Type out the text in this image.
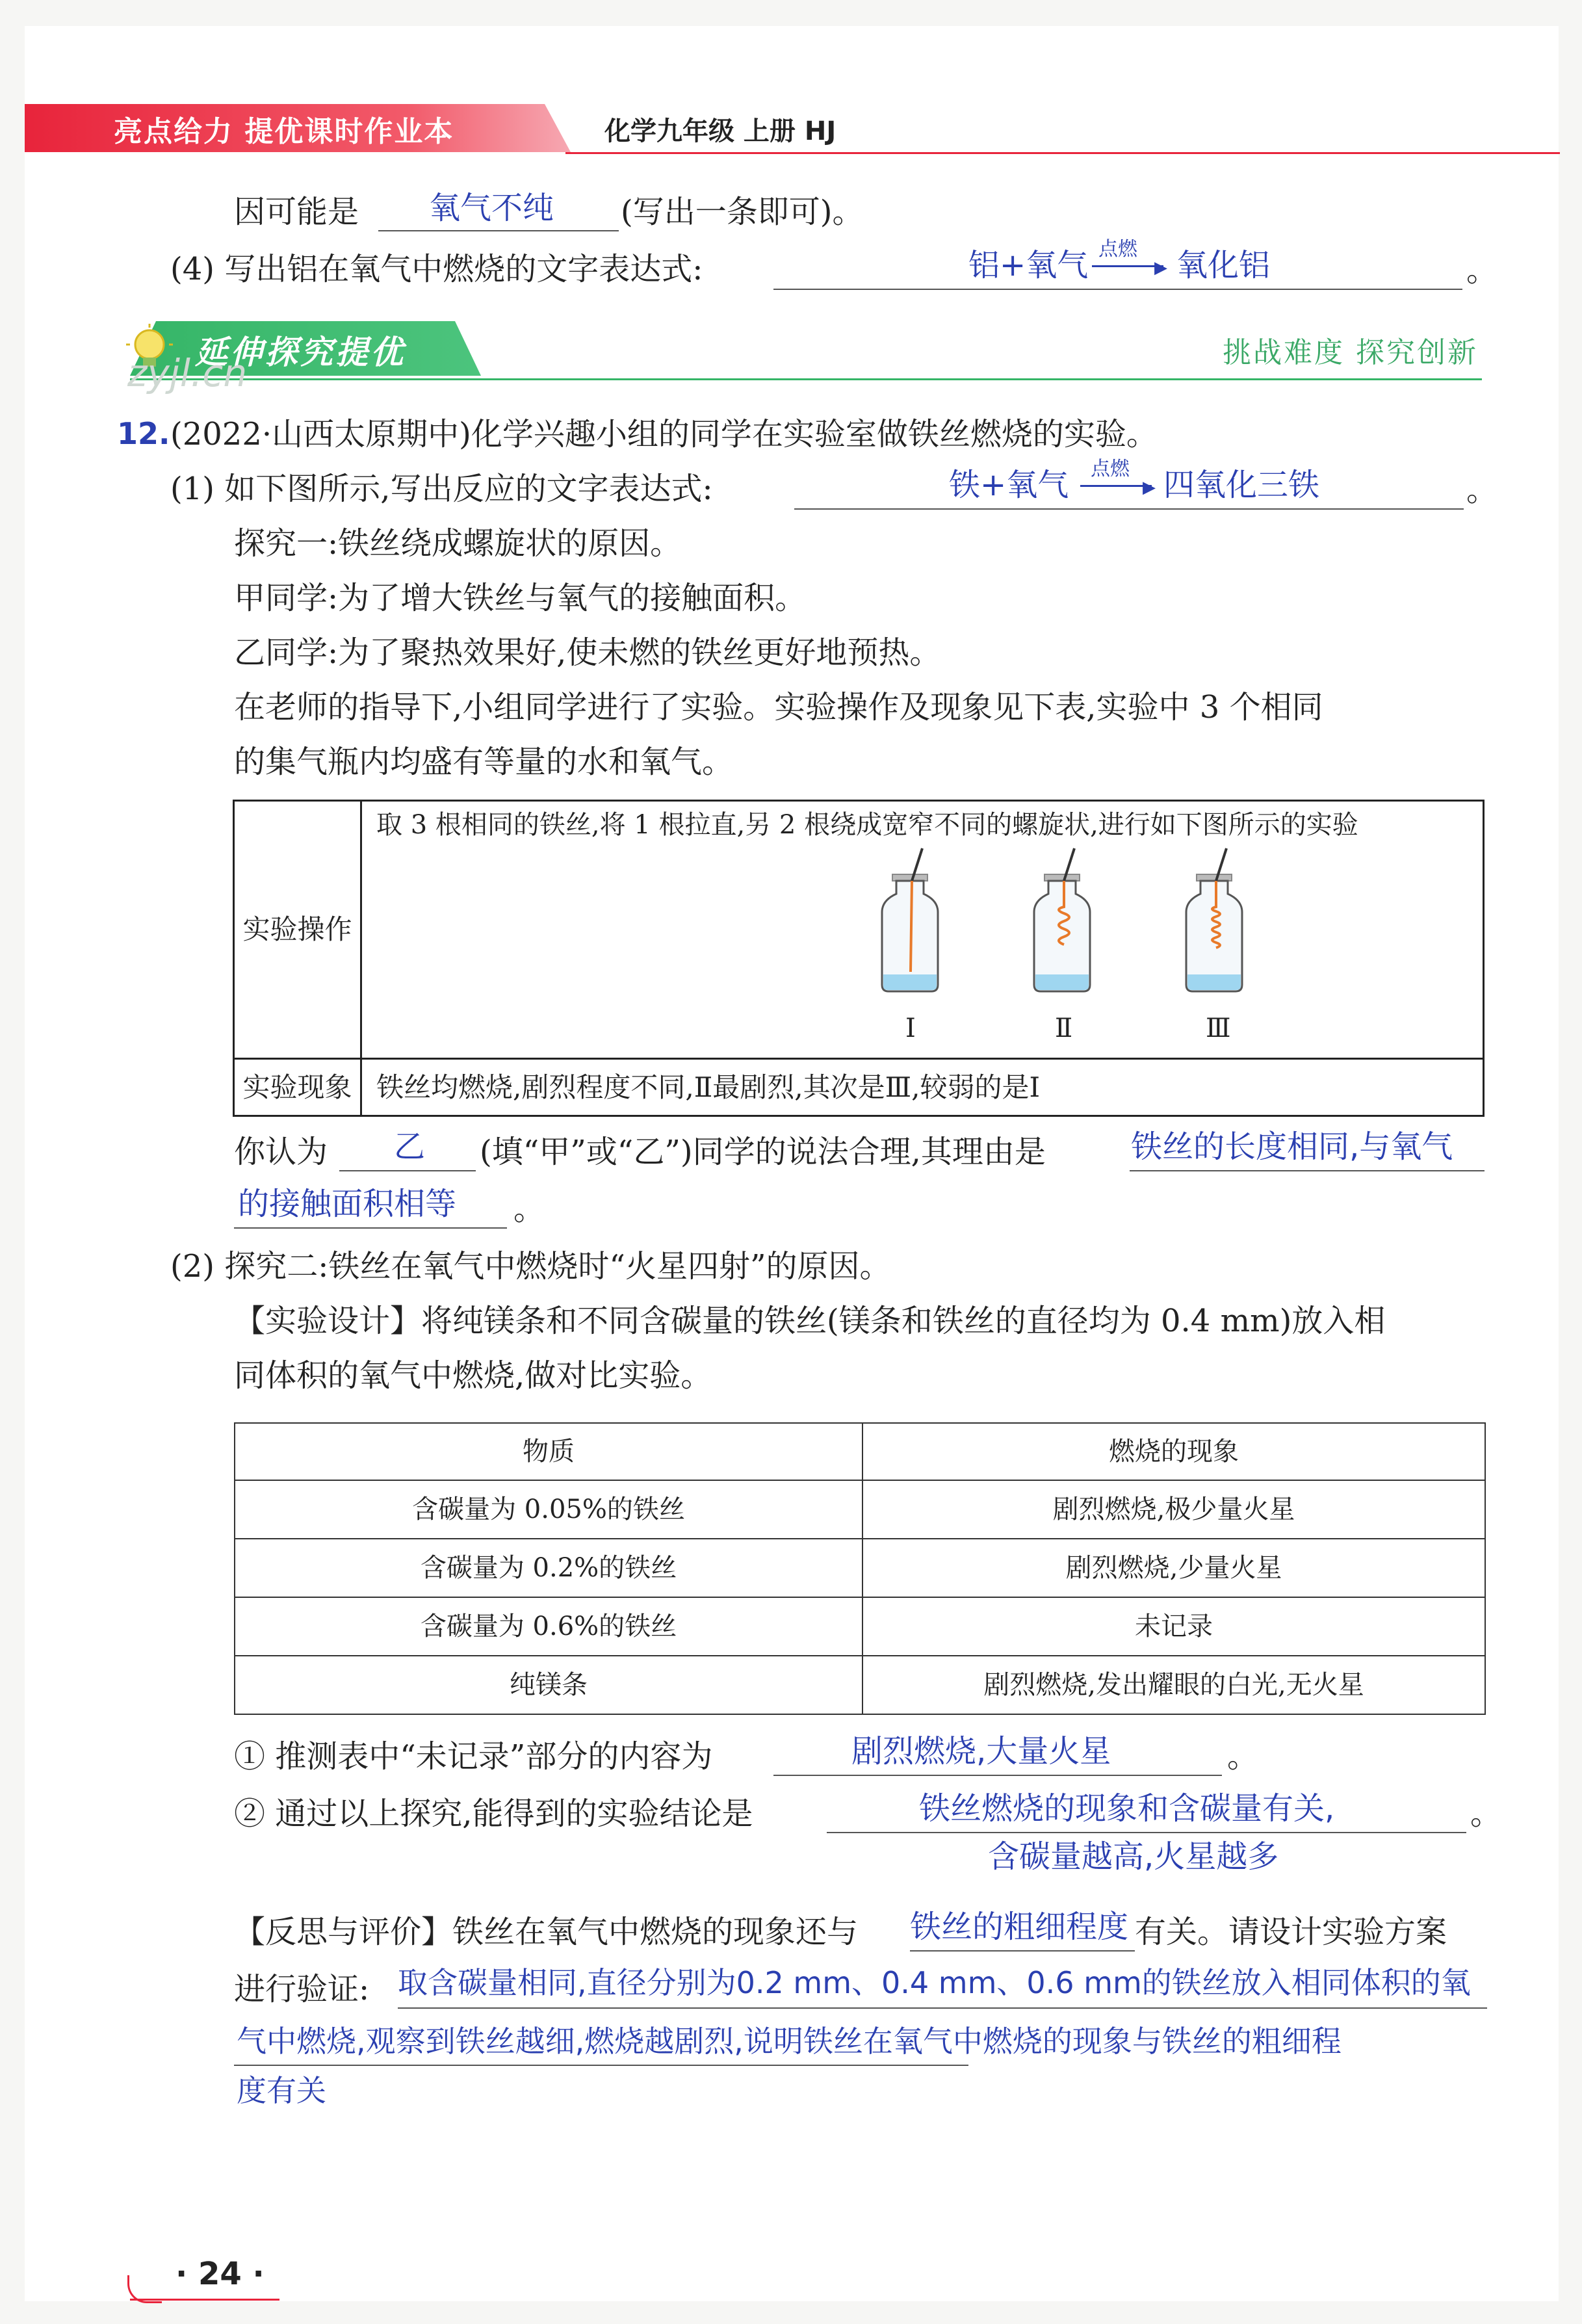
亮点给力 提优课时作业本	化学九年级 上册 HJ
因可能是 氧气不纯 (写出一条即可)。
(4) 写出铝在氧气中燃烧的文字表达式:	铝+氧气 点燃
▶ 氧化铝	。
延伸探究提优
zyjl.cn	挑战难度 探究创新
12. (2022·山西太原期中)化学兴趣小组的同学在实验室做铁丝燃烧的实验。
(1) 如下图所示,写出反应的文字表达式:	铁+氧气 点燃
▶ 四氧化三铁	。
探究一:铁丝绕成螺旋状的原因。
甲同学:为了增大铁丝与氧气的接触面积。
乙同学:为了聚热效果好,使未燃的铁丝更好地预热。
在老师的指导下,小组同学进行了实验。实验操作及现象见下表,实验中 3 个相同
的集气瓶内均盛有等量的水和氧气。
实验操作	取 3 根相同的铁丝,将 1 根拉直,另 2 根绕成宽窄不同的螺旋状,进行如下图所示的实验
Ⅰ Ⅱ Ⅲ

实验现象	铁丝均燃烧,剧烈程度不同,Ⅱ最剧烈,其次是Ⅲ,较弱的是Ⅰ
你认为 乙 (填“甲”或“乙”)同学的说法合理,其理由是	铁丝的长度相同,与氧气
的接触面积相等 。
(2) 探究二:铁丝在氧气中燃烧时“火星四射”的原因。
【实验设计】将纯镁条和不同含碳量的铁丝(镁条和铁丝的直径均为 0.4 mm)放入相
同体积的氧气中燃烧,做对比实验。
物质	燃烧的现象
含碳量为 0.05%的铁丝	剧烈燃烧,极少量火星
含碳量为 0.2%的铁丝	剧烈燃烧,少量火星
含碳量为 0.6%的铁丝	未记录
纯镁条	剧烈燃烧,发出耀眼的白光,无火星
① 推测表中“未记录”部分的内容为	剧烈燃烧,大量火星	。
② 通过以上探究,能得到的实验结论是	铁丝燃烧的现象和含碳量有关,
含碳量越高,火星越多
。
【反思与评价】铁丝在氧气中燃烧的现象还与 铁丝的粗细程度 有关。请设计实验方案
进行验证: 取含碳量相同,直径分别为0.2 mm、0.4 mm、0.6 mm的铁丝放入相同体积的氧
气中燃烧,观察到铁丝越细,燃烧越剧烈,说明铁丝在氧气中燃烧的现象与铁丝的粗细程
度有关
· 24 ·
